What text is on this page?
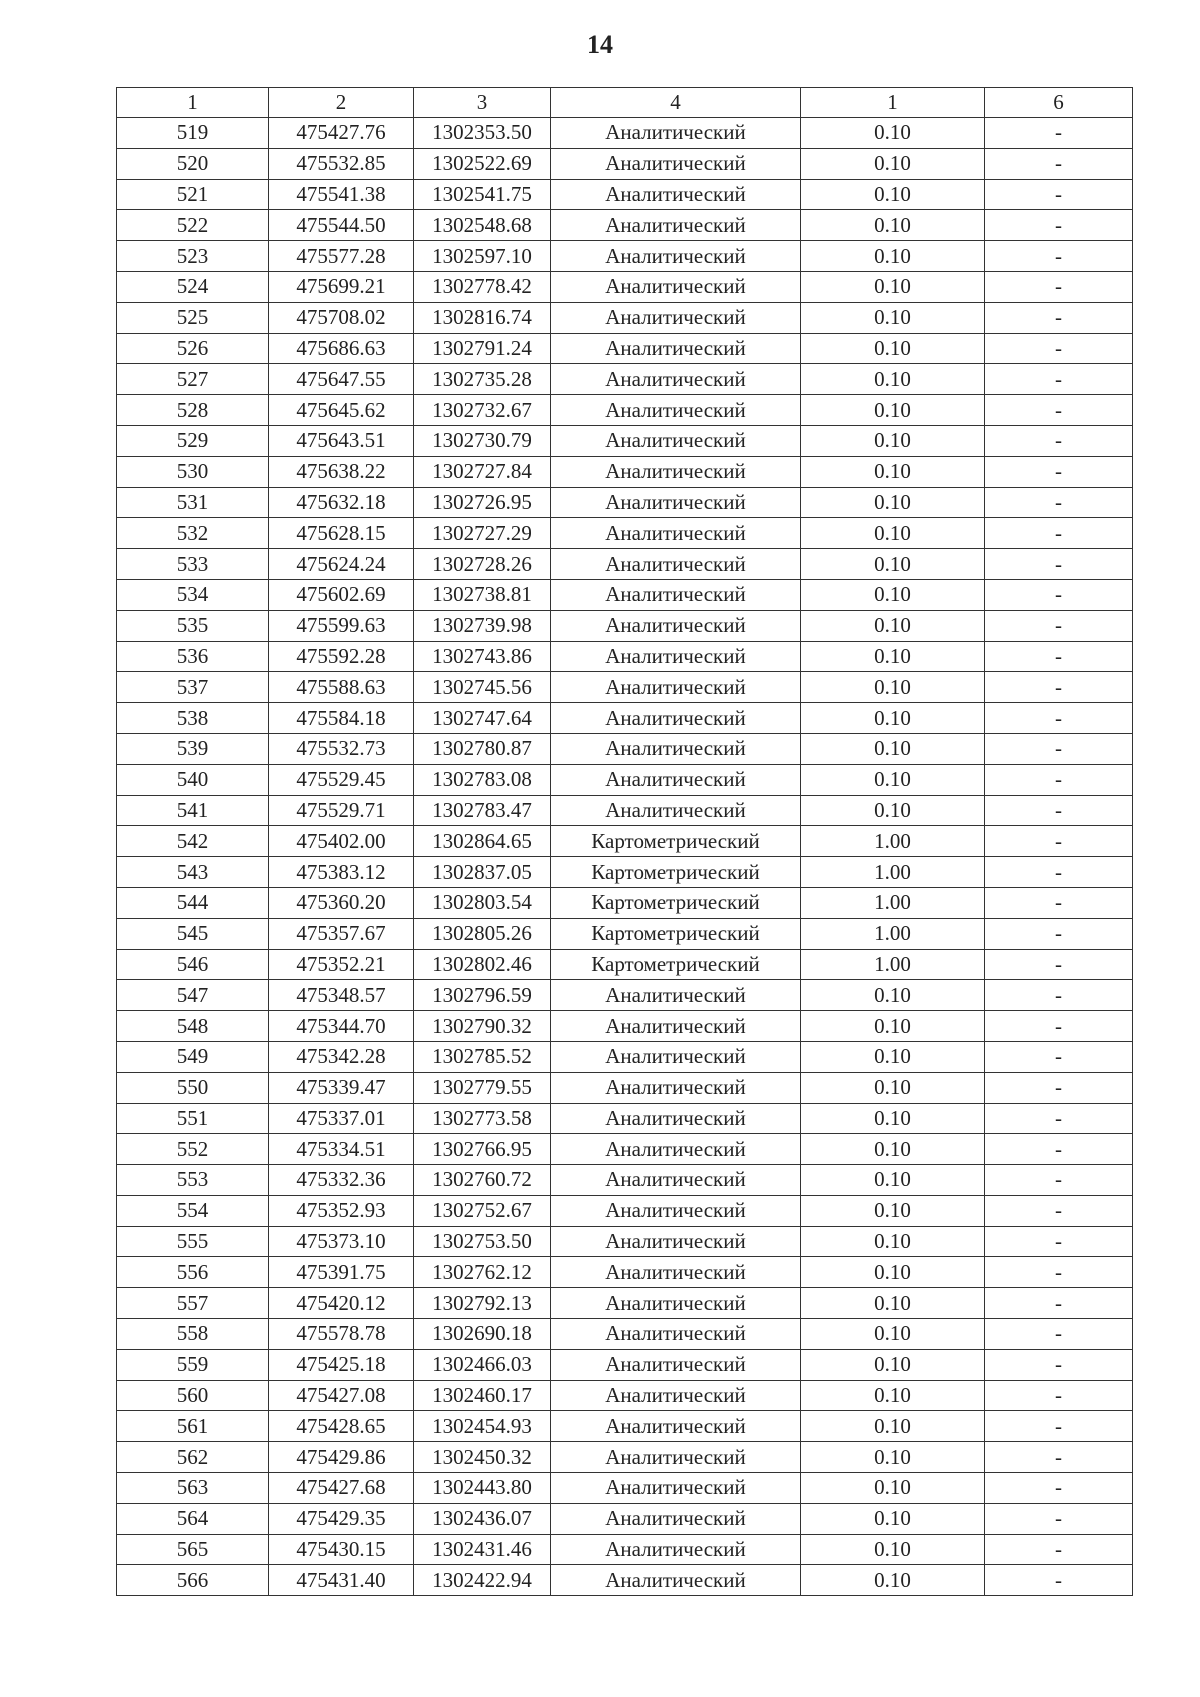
14
1	2	3	4	1	6
519	475427.76	1302353.50	Аналитический	0.10	-
520	475532.85	1302522.69	Аналитический	0.10	-
521	475541.38	1302541.75	Аналитический	0.10	-
522	475544.50	1302548.68	Аналитический	0.10	-
523	475577.28	1302597.10	Аналитический	0.10	-
524	475699.21	1302778.42	Аналитический	0.10	-
525	475708.02	1302816.74	Аналитический	0.10	-
526	475686.63	1302791.24	Аналитический	0.10	-
527	475647.55	1302735.28	Аналитический	0.10	-
528	475645.62	1302732.67	Аналитический	0.10	-
529	475643.51	1302730.79	Аналитический	0.10	-
530	475638.22	1302727.84	Аналитический	0.10	-
531	475632.18	1302726.95	Аналитический	0.10	-
532	475628.15	1302727.29	Аналитический	0.10	-
533	475624.24	1302728.26	Аналитический	0.10	-
534	475602.69	1302738.81	Аналитический	0.10	-
535	475599.63	1302739.98	Аналитический	0.10	-
536	475592.28	1302743.86	Аналитический	0.10	-
537	475588.63	1302745.56	Аналитический	0.10	-
538	475584.18	1302747.64	Аналитический	0.10	-
539	475532.73	1302780.87	Аналитический	0.10	-
540	475529.45	1302783.08	Аналитический	0.10	-
541	475529.71	1302783.47	Аналитический	0.10	-
542	475402.00	1302864.65	Картометрический	1.00	-
543	475383.12	1302837.05	Картометрический	1.00	-
544	475360.20	1302803.54	Картометрический	1.00	-
545	475357.67	1302805.26	Картометрический	1.00	-
546	475352.21	1302802.46	Картометрический	1.00	-
547	475348.57	1302796.59	Аналитический	0.10	-
548	475344.70	1302790.32	Аналитический	0.10	-
549	475342.28	1302785.52	Аналитический	0.10	-
550	475339.47	1302779.55	Аналитический	0.10	-
551	475337.01	1302773.58	Аналитический	0.10	-
552	475334.51	1302766.95	Аналитический	0.10	-
553	475332.36	1302760.72	Аналитический	0.10	-
554	475352.93	1302752.67	Аналитический	0.10	-
555	475373.10	1302753.50	Аналитический	0.10	-
556	475391.75	1302762.12	Аналитический	0.10	-
557	475420.12	1302792.13	Аналитический	0.10	-
558	475578.78	1302690.18	Аналитический	0.10	-
559	475425.18	1302466.03	Аналитический	0.10	-
560	475427.08	1302460.17	Аналитический	0.10	-
561	475428.65	1302454.93	Аналитический	0.10	-
562	475429.86	1302450.32	Аналитический	0.10	-
563	475427.68	1302443.80	Аналитический	0.10	-
564	475429.35	1302436.07	Аналитический	0.10	-
565	475430.15	1302431.46	Аналитический	0.10	-
566	475431.40	1302422.94	Аналитический	0.10	-
